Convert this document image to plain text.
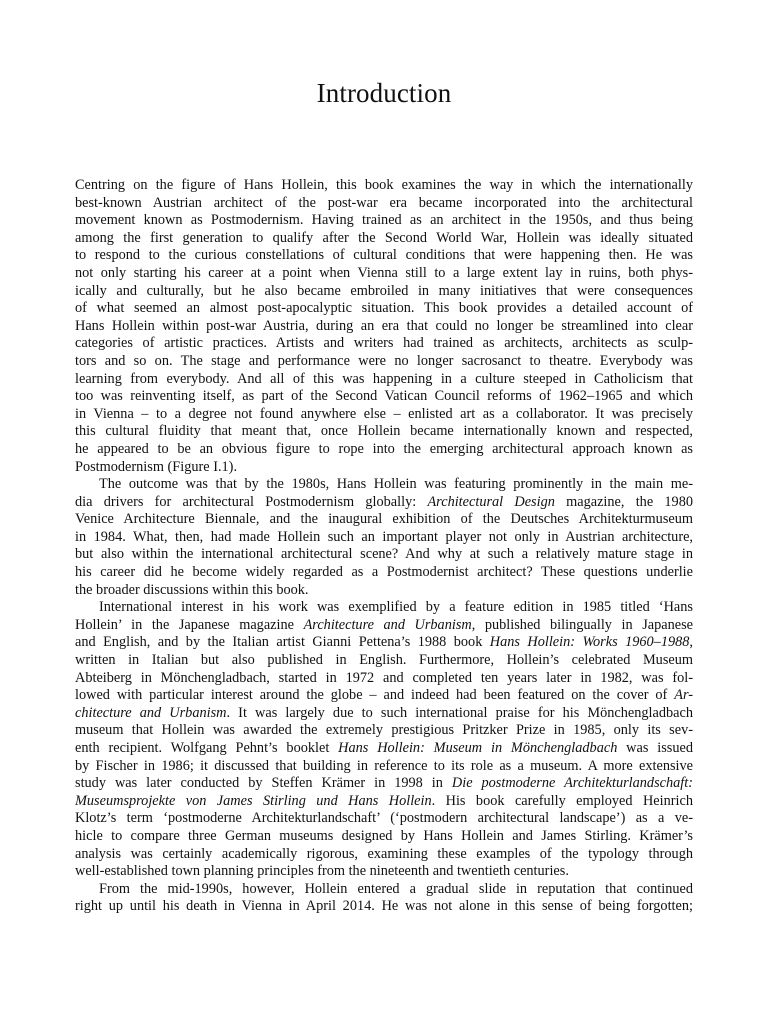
Introduction
Centring on the figure of Hans Hollein, this book examines the way in which the internationally
best-known Austrian architect of the post-war era became incorporated into the architectural
movement known as Postmodernism. Having trained as an architect in the 1950s, and thus being
among the first generation to qualify after the Second World War, Hollein was ideally situated
to respond to the curious constellations of cultural conditions that were happening then. He was
not only starting his career at a point when Vienna still to a large extent lay in ruins, both phys-
ically and culturally, but he also became embroiled in many initiatives that were consequences
of what seemed an almost post-apocalyptic situation. This book provides a detailed account of
Hans Hollein within post-war Austria, during an era that could no longer be streamlined into clear
categories of artistic practices. Artists and writers had trained as architects, architects as sculp-
tors and so on. The stage and performance were no longer sacrosanct to theatre. Everybody was
learning from everybody. And all of this was happening in a culture steeped in Catholicism that
too was reinventing itself, as part of the Second Vatican Council reforms of 1962–1965 and which
in Vienna – to a degree not found anywhere else – enlisted art as a collaborator. It was precisely
this cultural fluidity that meant that, once Hollein became internationally known and respected,
he appeared to be an obvious figure to rope into the emerging architectural approach known as
Postmodernism (Figure I.1).
The outcome was that by the 1980s, Hans Hollein was featuring prominently in the main me-
dia drivers for architectural Postmodernism globally: Architectural Design magazine, the 1980
Venice Architecture Biennale, and the inaugural exhibition of the Deutsches Architekturmuseum
in 1984. What, then, had made Hollein such an important player not only in Austrian architecture,
but also within the international architectural scene? And why at such a relatively mature stage in
his career did he become widely regarded as a Postmodernist architect? These questions underlie
the broader discussions within this book.
International interest in his work was exemplified by a feature edition in 1985 titled ‘Hans
Hollein’ in the Japanese magazine Architecture and Urbanism, published bilingually in Japanese
and English, and by the Italian artist Gianni Pettena’s 1988 book Hans Hollein: Works 1960–1988,
written in Italian but also published in English. Furthermore, Hollein’s celebrated Museum
Abteiberg in Mönchengladbach, started in 1972 and completed ten years later in 1982, was fol-
lowed with particular interest around the globe – and indeed had been featured on the cover of Ar-
chitecture and Urbanism. It was largely due to such international praise for his Mönchengladbach
museum that Hollein was awarded the extremely prestigious Pritzker Prize in 1985, only its sev-
enth recipient. Wolfgang Pehnt’s booklet Hans Hollein: Museum in Mönchengladbach was issued
by Fischer in 1986; it discussed that building in reference to its role as a museum. A more extensive
study was later conducted by Steffen Krämer in 1998 in Die postmoderne Architekturlandschaft:
Museumsprojekte von James Stirling und Hans Hollein. His book carefully employed Heinrich
Klotz’s term ‘postmoderne Architekturlandschaft’ (‘postmodern architectural landscape’) as a ve-
hicle to compare three German museums designed by Hans Hollein and James Stirling. Krämer’s
analysis was certainly academically rigorous, examining these examples of the typology through
well-established town planning principles from the nineteenth and twentieth centuries.
From the mid-1990s, however, Hollein entered a gradual slide in reputation that continued
right up until his death in Vienna in April 2014. He was not alone in this sense of being forgotten;
